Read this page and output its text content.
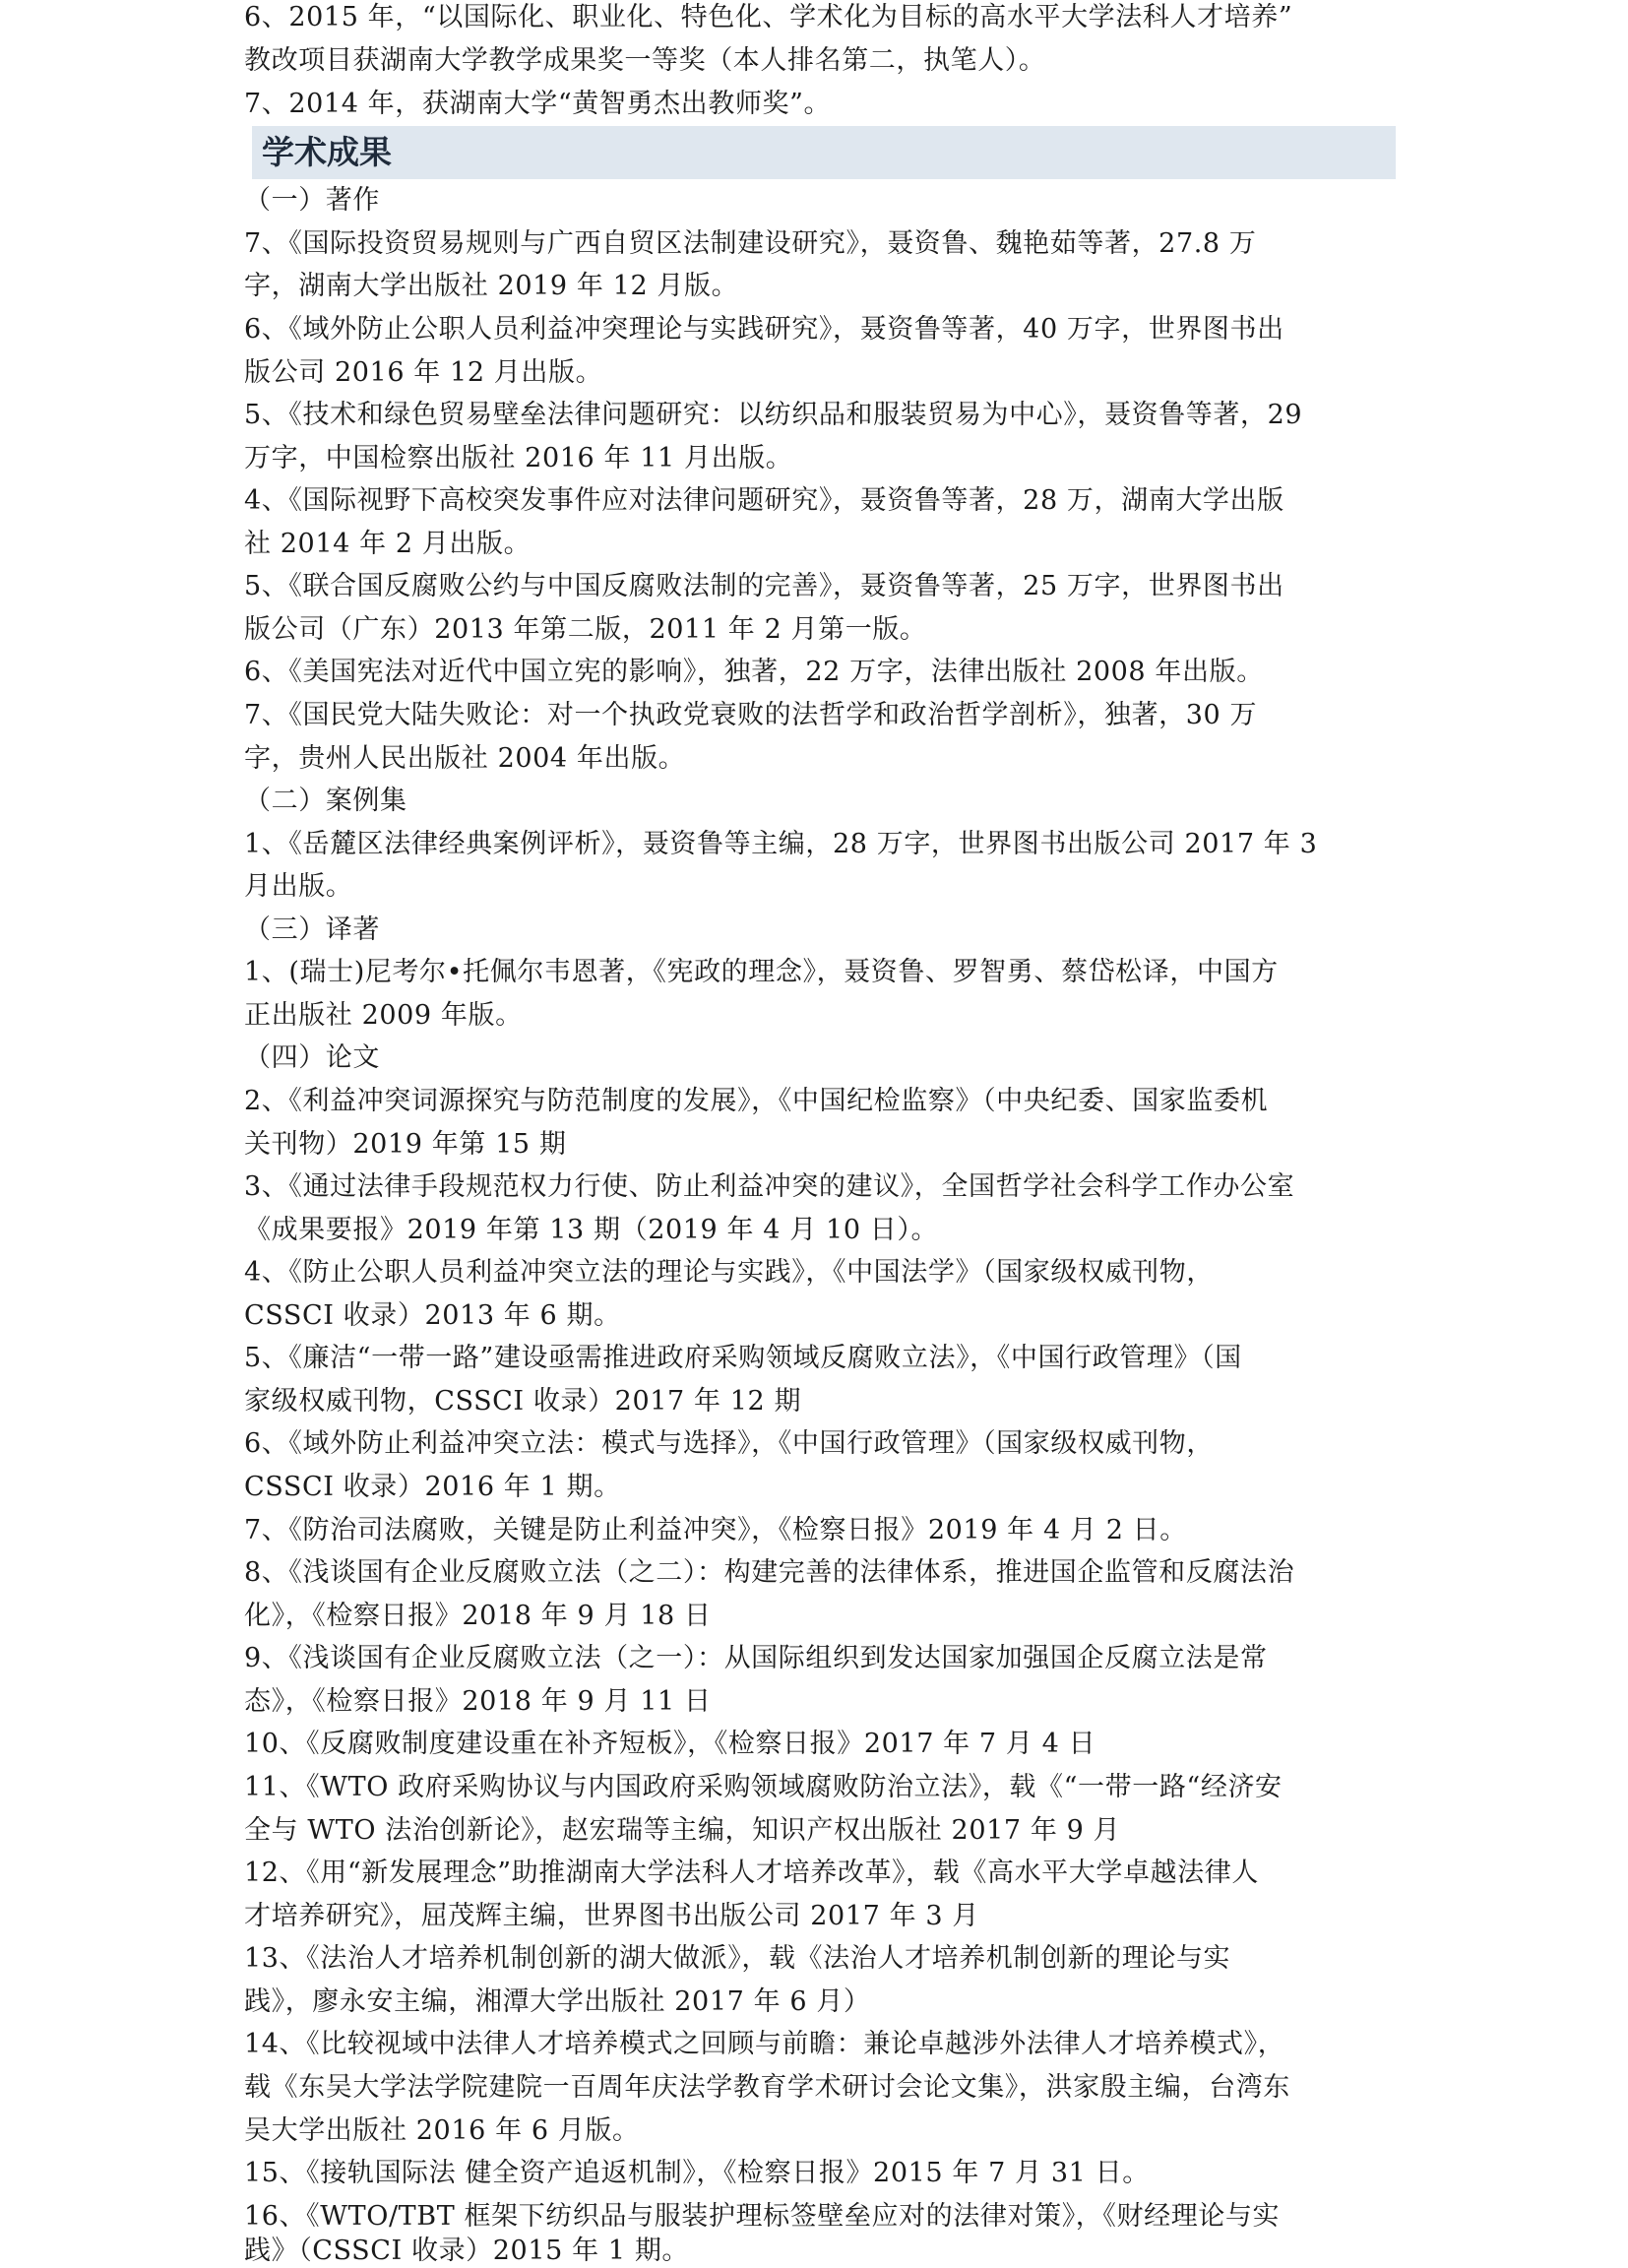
6、2015 年，“以国际化、职业化、特色化、学术化为目标的高水平大学法科人才培养”
教改项目获湖南大学教学成果奖一等奖（本人排名第二，执笔人）。
7、2014 年，获湖南大学“黄智勇杰出教师奖”。
学术成果
（一）著作
7、《国际投资贸易规则与广西自贸区法制建设研究》，聂资鲁、魏艳茹等著，27.8 万
字，湖南大学出版社 2019 年 12 月版。
6、《域外防止公职人员利益冲突理论与实践研究》，聂资鲁等著，40 万字，世界图书出
版公司 2016 年 12 月出版。
5、《技术和绿色贸易壁垒法律问题研究：以纺织品和服装贸易为中心》，聂资鲁等著，29
万字，中国检察出版社 2016 年 11 月出版。
4、《国际视野下高校突发事件应对法律问题研究》，聂资鲁等著，28 万，湖南大学出版
社 2014 年 2 月出版。
5、《联合国反腐败公约与中国反腐败法制的完善》，聂资鲁等著，25 万字，世界图书出
版公司（广东）2013 年第二版，2011 年 2 月第一版。
6、《美国宪法对近代中国立宪的影响》，独著，22 万字，法律出版社 2008 年出版。
7、《国民党大陆失败论：对一个执政党衰败的法哲学和政治哲学剖析》，独著，30 万
字，贵州人民出版社 2004 年出版。
（二）案例集
1、《岳麓区法律经典案例评析》，聂资鲁等主编，28 万字，世界图书出版公司 2017 年 3
月出版。
（三）译著
1、(瑞士)尼考尔•托佩尔韦恩著，《宪政的理念》，聂资鲁、罗智勇、蔡岱松译，中国方
正出版社 2009 年版。
（四）论文
2、《利益冲突词源探究与防范制度的发展》，《中国纪检监察》（中央纪委、国家监委机
关刊物）2019 年第 15 期
3、《通过法律手段规范权力行使、防止利益冲突的建议》，全国哲学社会科学工作办公室
《成果要报》2019 年第 13 期（2019 年 4 月 10 日）。
4、《防止公职人员利益冲突立法的理论与实践》，《中国法学》（国家级权威刊物，
CSSCI 收录）2013 年 6 期。
5、《廉洁“一带一路”建设亟需推进政府采购领域反腐败立法》，《中国行政管理》（国
家级权威刊物，CSSCI 收录）2017 年 12 期
6、《域外防止利益冲突立法：模式与选择》，《中国行政管理》（国家级权威刊物，
CSSCI 收录）2016 年 1 期。
7、《防治司法腐败，关键是防止利益冲突》，《检察日报》2019 年 4 月 2 日。
8、《浅谈国有企业反腐败立法（之二）：构建完善的法律体系，推进国企监管和反腐法治
化》，《检察日报》2018 年 9 月 18 日
9、《浅谈国有企业反腐败立法（之一）：从国际组织到发达国家加强国企反腐立法是常
态》，《检察日报》2018 年 9 月 11 日
10、《反腐败制度建设重在补齐短板》，《检察日报》2017 年 7 月 4 日
11、《WTO 政府采购协议与内国政府采购领域腐败防治立法》，载《“一带一路“经济安
全与 WTO 法治创新论》，赵宏瑞等主编，知识产权出版社 2017 年 9 月
12、《用“新发展理念”助推湖南大学法科人才培养改革》，载《高水平大学卓越法律人
才培养研究》，屈茂辉主编，世界图书出版公司 2017 年 3 月
13、《法治人才培养机制创新的湖大做派》，载《法治人才培养机制创新的理论与实
践》，廖永安主编，湘潭大学出版社 2017 年 6 月）
14、《比较视域中法律人才培养模式之回顾与前瞻：兼论卓越涉外法律人才培养模式》，
载《东吴大学法学院建院一百周年庆法学教育学术研讨会论文集》，洪家殷主编，台湾东
吴大学出版社 2016 年 6 月版。
15、《接轨国际法 健全资产追返机制》，《检察日报》2015 年 7 月 31 日。
16、《WTO/TBT 框架下纺织品与服装护理标签壁垒应对的法律对策》，《财经理论与实
践》（CSSCI 收录）2015 年 1 期。
